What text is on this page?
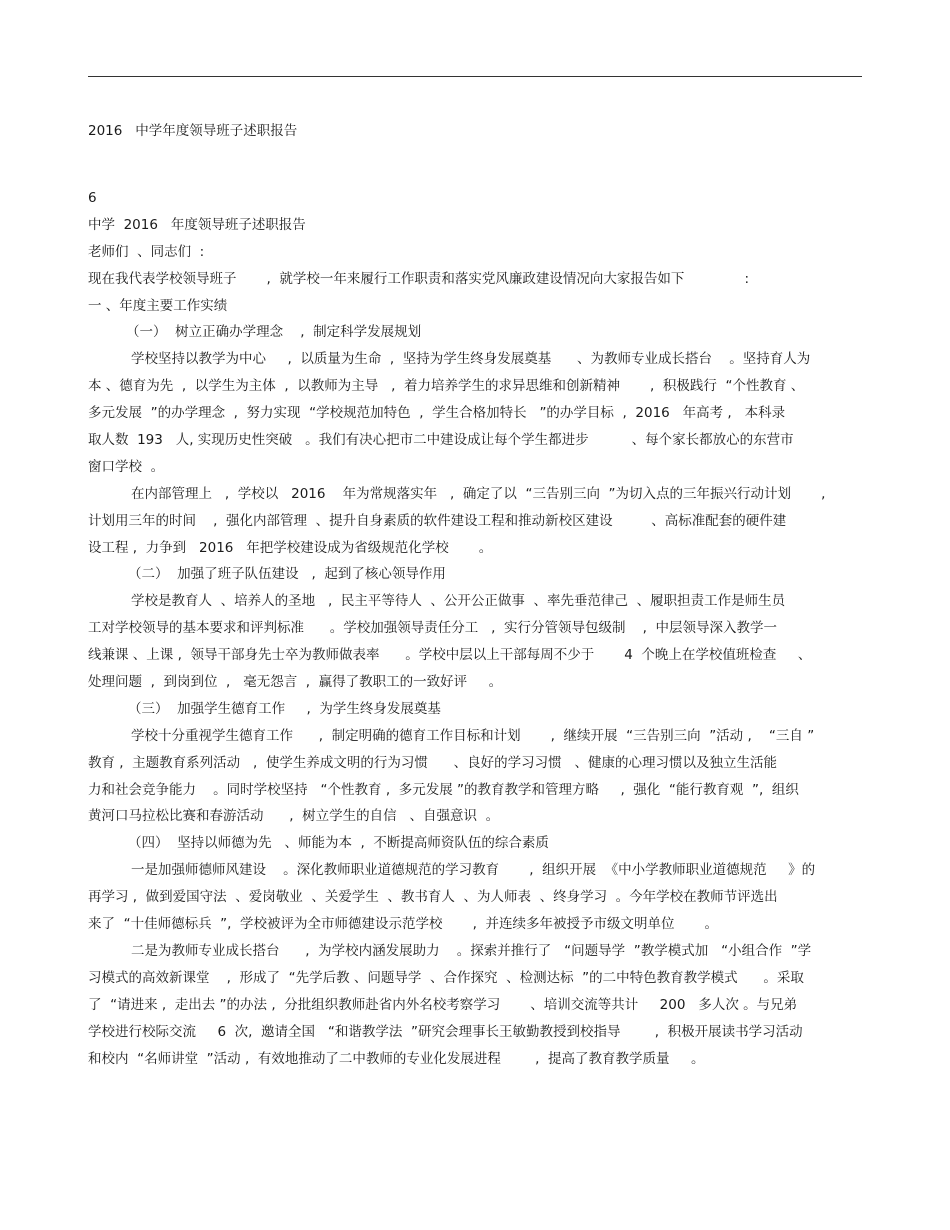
2016   中学年度领导班子述职报告
6
中学  2016   年度领导班子述职报告
老师们  、同志们  :
现在我代表学校领导班子       ,  就学校一年来履行工作职责和落实党风廉政建设情况向大家报告如下              :
一 、年度主要工作实绩
（一）  树立正确办学理念    ,  制定科学发展规划
学校坚持以教学为中心     ,  以质量为生命  ,  坚持为学生终身发展奠基      、为教师专业成长搭台    。坚持育人为
本 、德育为先  ,  以学生为主体  ,  以教师为主导   ,  着力培养学生的求异思维和创新精神       ,  积极践行  “个性教育 、
多元发展  ”的办学理念  ,  努力实现  “学校规范加特色  ,  学生合格加特长   ”的办学目标  ,  2016   年高考 ,   本科录
取人数  193   人, 实现历史性突破   。我们有决心把市二中建设成让每个学生都进步          、每个家长都放心的东营市
窗口学校  。
在内部管理上   ,  学校以   2016    年为常规落实年   ,  确定了以  “三告别三向  ”为切入点的三年振兴行动计划       ,
计划用三年的时间    ,  强化内部管理  、提升自身素质的软件建设工程和推动新校区建设         、高标准配套的硬件建
设工程 ,  力争到   2016   年把学校建设成为省级规范化学校       。
（二）  加强了班子队伍建设   ,  起到了核心领导作用
学校是教育人  、培养人的圣地   ,  民主平等待人  、公开公正做事  、率先垂范律己  、履职担责工作是师生员
工对学校领导的基本要求和评判标准      。学校加强领导责任分工   ,  实行分管领导包级制    ,  中层领导深入教学一
线兼课 、上课 ,  领导干部身先士卒为教师做表率      。学校中层以上干部每周不少于       4  个晚上在学校值班检查     、
处理问题  ,  到岗到位  ,   毫无怨言  ,  赢得了教职工的一致好评     。
（三）  加强学生德育工作     ,  为学生终身发展奠基
学校十分重视学生德育工作      ,  制定明确的德育工作目标和计划       ,  继续开展  “三告别三向  ”活动 ,    “三自 ”
教育 ,  主题教育系列活动   ,  使学生养成文明的行为习惯      、良好的学习习惯   、健康的心理习惯以及独立生活能
力和社会竞争能力    。同时学校坚持   “个性教育 ,  多元发展 ”的教育教学和管理方略     ,  强化  “能行教育观  ”,  组织
黄河口马拉松比赛和春游活动      ,  树立学生的自信   、自强意识  。
（四）  坚持以师德为先   、师能为本  ,  不断提高师资队伍的综合素质
一是加强师德师风建设    。深化教师职业道德规范的学习教育       ,  组织开展  《中小学教师职业道德规范     》的
再学习 ,  做到爱国守法  、爱岗敬业  、关爱学生  、教书育人  、为人师表  、终身学习  。今年学校在教师节评选出
来了  “十佳师德标兵  ”,  学校被评为全市师德建设示范学校       ,  并连续多年被授予市级文明单位       。
二是为教师专业成长搭台      ,  为学校内涵发展助力    。探索并推行了   “问题导学  ”教学模式加   “小组合作  ”学
习模式的高效新课堂    ,  形成了  “先学后教 、问题导学  、合作探究  、检测达标  ”的二中特色教育教学模式      。采取
了  “请进来 ,  走出去 ”的办法 ,  分批组织教师赴省内外名校考察学习       、培训交流等共计     200   多人次 。与兄弟
学校进行校际交流     6  次,  邀请全国   “和谐教学法  ”研究会理事长王敏勤教授到校指导        ,  积极开展读书学习活动
和校内  “名师讲堂  ”活动 ,  有效地推动了二中教师的专业化发展进程        ,  提高了教育教学质量     。
